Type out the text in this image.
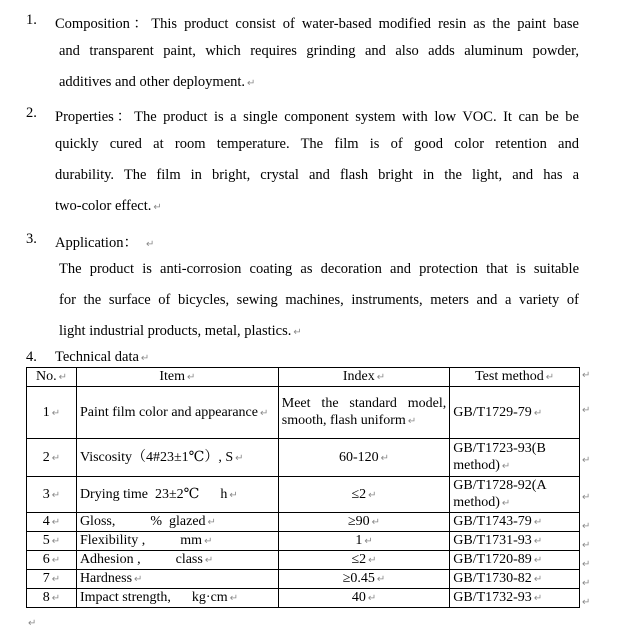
1.	Composition：This product consist of water-based modified resin as the paint base
and transparent paint, which requires grinding and also adds aluminum powder,
additives and other deployment. ↵
2.	Properties：The product is a single component system with low VOC. It can be be
quickly cured at room temperature. The film is of good color retention and
durability. The film in bright, crystal and flash bright in the light, and has a
two-color effect. ↵
3.	Application： ↵
The product is anti-corrosion coating as decoration and protection that is suitable
for the surface of bicycles, sewing machines, instruments, meters and a variety of
light industrial products, metal, plastics. ↵
4.	Technical data ↵
No. ↵	Item ↵	Index ↵	Test method ↵
1 ↵	Paint film color and appearance ↵	Meet the standard model, smooth, flash uniform ↵	GB/T1729-79 ↵
2 ↵	Viscosity（4#23±1℃）, S ↵	60-120 ↵	GB/T1723-93(B method) ↵
3 ↵	Drying time  23±2℃      h ↵	≤2 ↵	GB/T1728-92(A method) ↵
4 ↵	Gloss,          %  glazed ↵	≥90 ↵	GB/T1743-79 ↵
5 ↵	Flexibility ,          mm ↵	1 ↵	GB/T1731-93 ↵
6 ↵	Adhesion ,          class ↵	≤2 ↵	GB/T1720-89 ↵
7 ↵	Hardness ↵	≥0.45 ↵	GB/T1730-82 ↵
8 ↵	Impact strength,      kg·cm ↵	40 ↵	GB/T1732-93 ↵
↵
↵
↵
↵
↵
↵
↵
↵
↵
↵
